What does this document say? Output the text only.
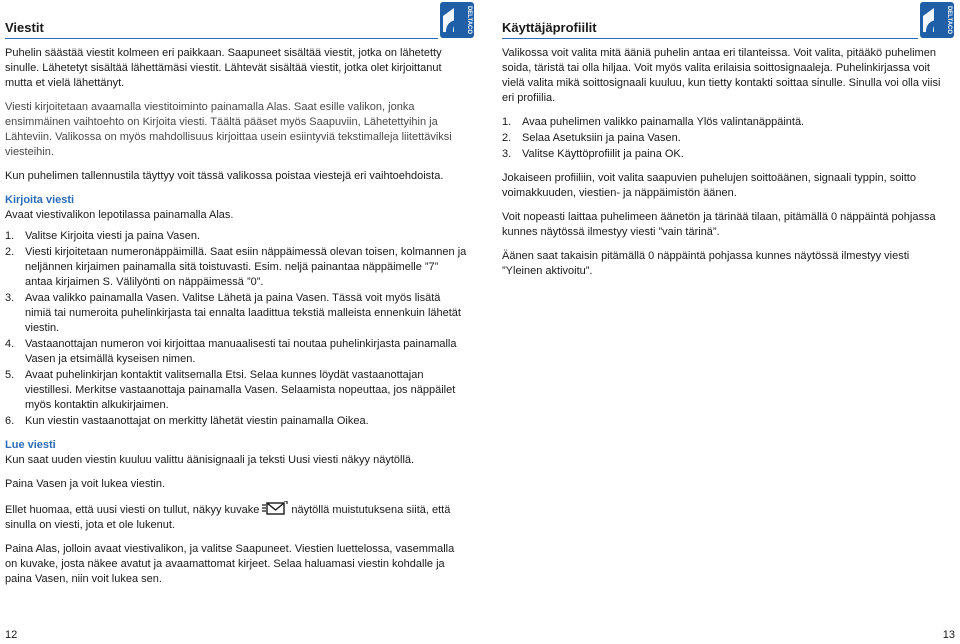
Viestit	DELTACO

Puhelin säästää viestit kolmeen eri paikkaan. Saapuneet sisältää viestit, jotka on lähetetty sinulle. Lähetetyt sisältää lähettämäsi viestit. Lähtevät sisältää viestit, jotka olet kirjoittanut mutta et vielä lähettänyt.

Viesti kirjoitetaan avaamalla viestitoiminto painamalla Alas. Saat esille valikon, jonka ensimmäinen vaihtoehto on Kirjoita viesti. Täältä pääset myös Saapuviin, Lähetettyihin ja Lähteviin. Valikossa on myös mahdollisuus kirjoittaa usein esiintyviä tekstimalleja liitettäviksi viesteihin.

Kun puhelimen tallennustila täyttyy voit tässä valikossa poistaa viestejä eri vaihtoehdoista.

Kirjoita viesti
Avaat viestivalikon lepotilassa painamalla Alas.
1. Valitse Kirjoita viesti ja paina Vasen.
2. Viesti kirjoitetaan numeronäppäimillä. Saat esiin näppäimessä olevan toisen, kolmannen ja neljännen kirjaimen painamalla sitä toistuvasti. Esim. neljä painantaa näppäimelle ”7” antaa kirjaimen S. Välilyönti on näppäimessä ”0”.
3. Avaa valikko painamalla Vasen. Valitse Lähetä ja paina Vasen. Tässä voit myös lisätä nimiä tai numeroita puhelinkirjasta tai ennalta laadittua tekstiä malleista ennenkuin lähetät viestin.
4. Vastaanottajan numeron voi kirjoittaa manuaalisesti tai noutaa puhelinkirjasta painamalla Vasen ja etsimällä kyseisen nimen.
5. Avaat puhelinkirjan kontaktit valitsemalla Etsi. Selaa kunnes löydät vastaanottajan viestillesi. Merkitse vastaanottaja painamalla Vasen. Selaamista nopeuttaa, jos näppäilet myös kontaktin alkukirjaimen.
6. Kun viestin vastaanottajat on merkitty lähetät viestin painamalla Oikea.
Lue viesti

Kun saat uuden viestin kuuluu valittu äänisignaali ja teksti Uusi viesti näkyy näytöllä.

Paina Vasen ja voit lukea viestin.

Ellet huomaa, että uusi viesti on tullut, näkyy kuvake	näytöllä muistutuksena siitä, että sinulla on viesti, jota et ole lukenut.

Paina Alas, jolloin avaat viestivalikon, ja valitse Saapuneet. Viestien luettelossa, vasemmalla on kuvake, josta näkee avatut ja avaamattomat kirjeet. Selaa haluamasi viestin kohdalle ja paina Vasen, niin voit lukea sen.

12
Käyttäjäprofiilit	DELTACO

Valikossa voit valita mitä ääniä puhelin antaa eri tilanteissa. Voit valita, pitääkö puhelimen soida, täristä tai olla hiljaa. Voit myös valita erilaisia soittosignaaleja. Puhelinkirjassa voit vielä valita mikä soittosignaali kuuluu, kun tietty kontakti soittaa sinulle. Sinulla voi olla viisi eri profiilia.

1. Avaa puhelimen valikko painamalla Ylös valintanäppäintä.
2. Selaa Asetuksiin ja paina Vasen.
3. Valitse Käyttöprofiilit ja paina OK.

Jokaiseen profiiliin, voit valita saapuvien puhelujen soittoäänen, signaali typpin, soitto voimakkuuden, viestien- ja näppäimistön äänen.

Voit nopeasti laittaa puhelimeen äänetön ja tärinää tilaan, pitämällä 0 näppäintä pohjassa kunnes näytössä ilmestyy viesti ”vain tärinä”.

Äänen saat takaisin pitämällä 0 näppäintä pohjassa kunnes näytössä ilmestyy viesti ”Yleinen aktivoitu”.

13
